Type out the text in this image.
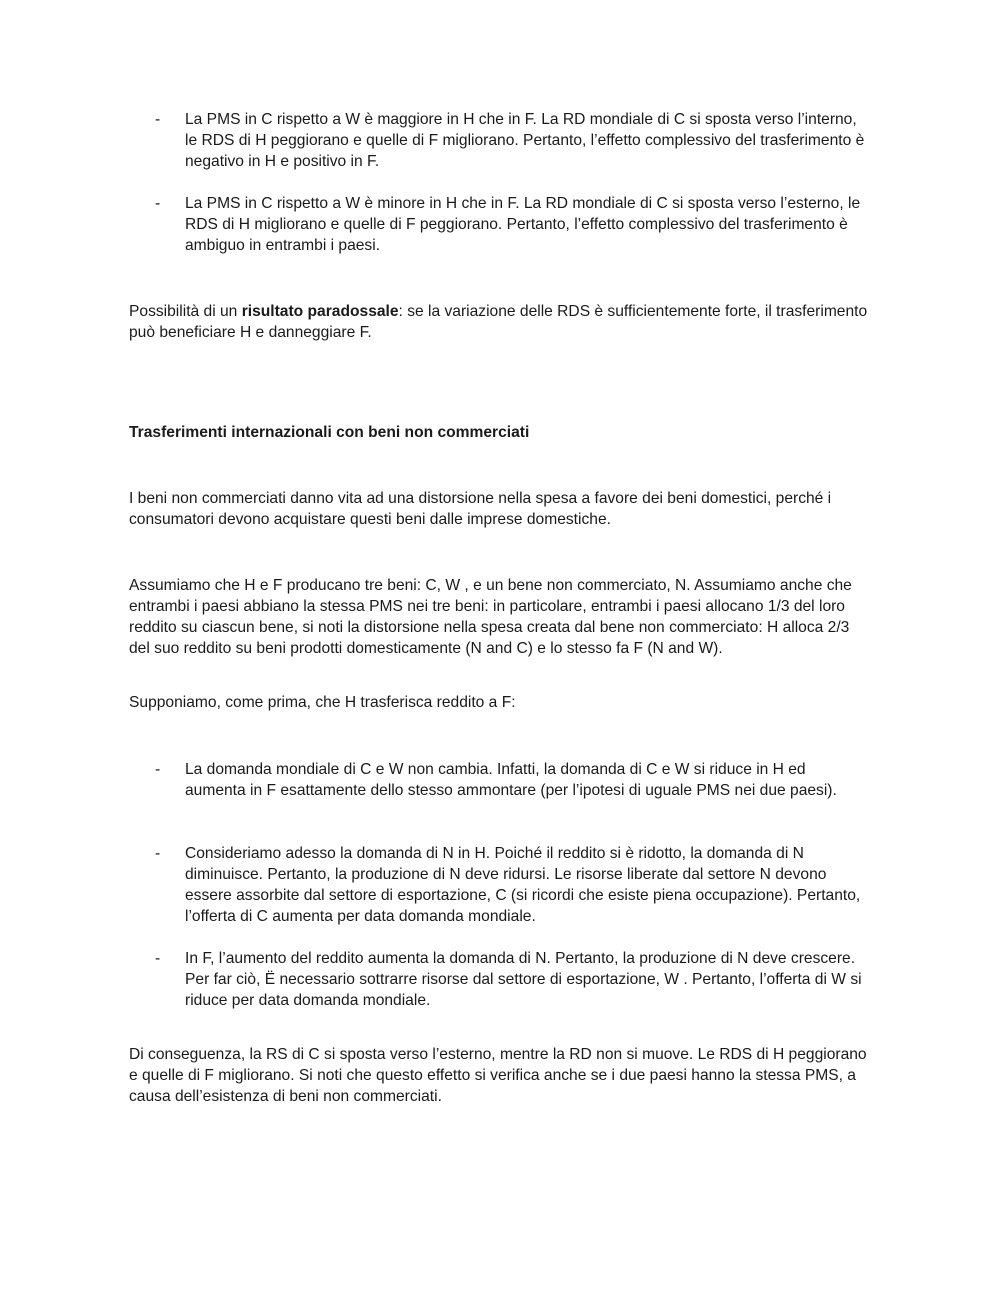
- La PMS in C rispetto a W è maggiore in H che in F. La RD mondiale di C si sposta verso l’interno, le RDS di H peggiorano e quelle di F migliorano. Pertanto, l’effetto complessivo del trasferimento è negativo in H e positivo in F.
- La PMS in C rispetto a W è minore in H che in F. La RD mondiale di C si sposta verso l’esterno, le RDS di H migliorano e quelle di F peggiorano. Pertanto, l’effetto complessivo del trasferimento è ambiguo in entrambi i paesi.
Possibilità di un risultato paradossale: se la variazione delle RDS è sufficientemente forte, il trasferimento può beneficiare H e danneggiare F.
Trasferimenti internazionali con beni non commerciati
I beni non commerciati danno vita ad una distorsione nella spesa a favore dei beni domestici, perché i consumatori devono acquistare questi beni dalle imprese domestiche.
Assumiamo che H e F producano tre beni: C, W , e un bene non commerciato, N. Assumiamo anche che entrambi i paesi abbiano la stessa PMS nei tre beni: in particolare, entrambi i paesi allocano 1/3 del loro reddito su ciascun bene, si noti la distorsione nella spesa creata dal bene non commerciato: H alloca 2/3 del suo reddito su beni prodotti domesticamente (N and C) e lo stesso fa F (N and W).
Supponiamo, come prima, che H trasferisca reddito a F:
- La domanda mondiale di C e W non cambia. Infatti, la domanda di C e W si riduce in H ed aumenta in F esattamente dello stesso ammontare (per l’ipotesi di uguale PMS nei due paesi).
- Consideriamo adesso la domanda di N in H. Poiché il reddito si è ridotto, la domanda di N diminuisce. Pertanto, la produzione di N deve ridursi. Le risorse liberate dal settore N devono essere assorbite dal settore di esportazione, C (si ricordi che esiste piena occupazione). Pertanto, l’offerta di C aumenta per data domanda mondiale.
- In F, l’aumento del reddito aumenta la domanda di N. Pertanto, la produzione di N deve crescere. Per far ciò, Ë necessario sottrarre risorse dal settore di esportazione, W . Pertanto, l’offerta di W si riduce per data domanda mondiale.
Di conseguenza, la RS di C si sposta verso l’esterno, mentre la RD non si muove. Le RDS di H peggiorano e quelle di F migliorano. Si noti che questo effetto si verifica anche se i due paesi hanno la stessa PMS, a causa dell’esistenza di beni non commerciati.
